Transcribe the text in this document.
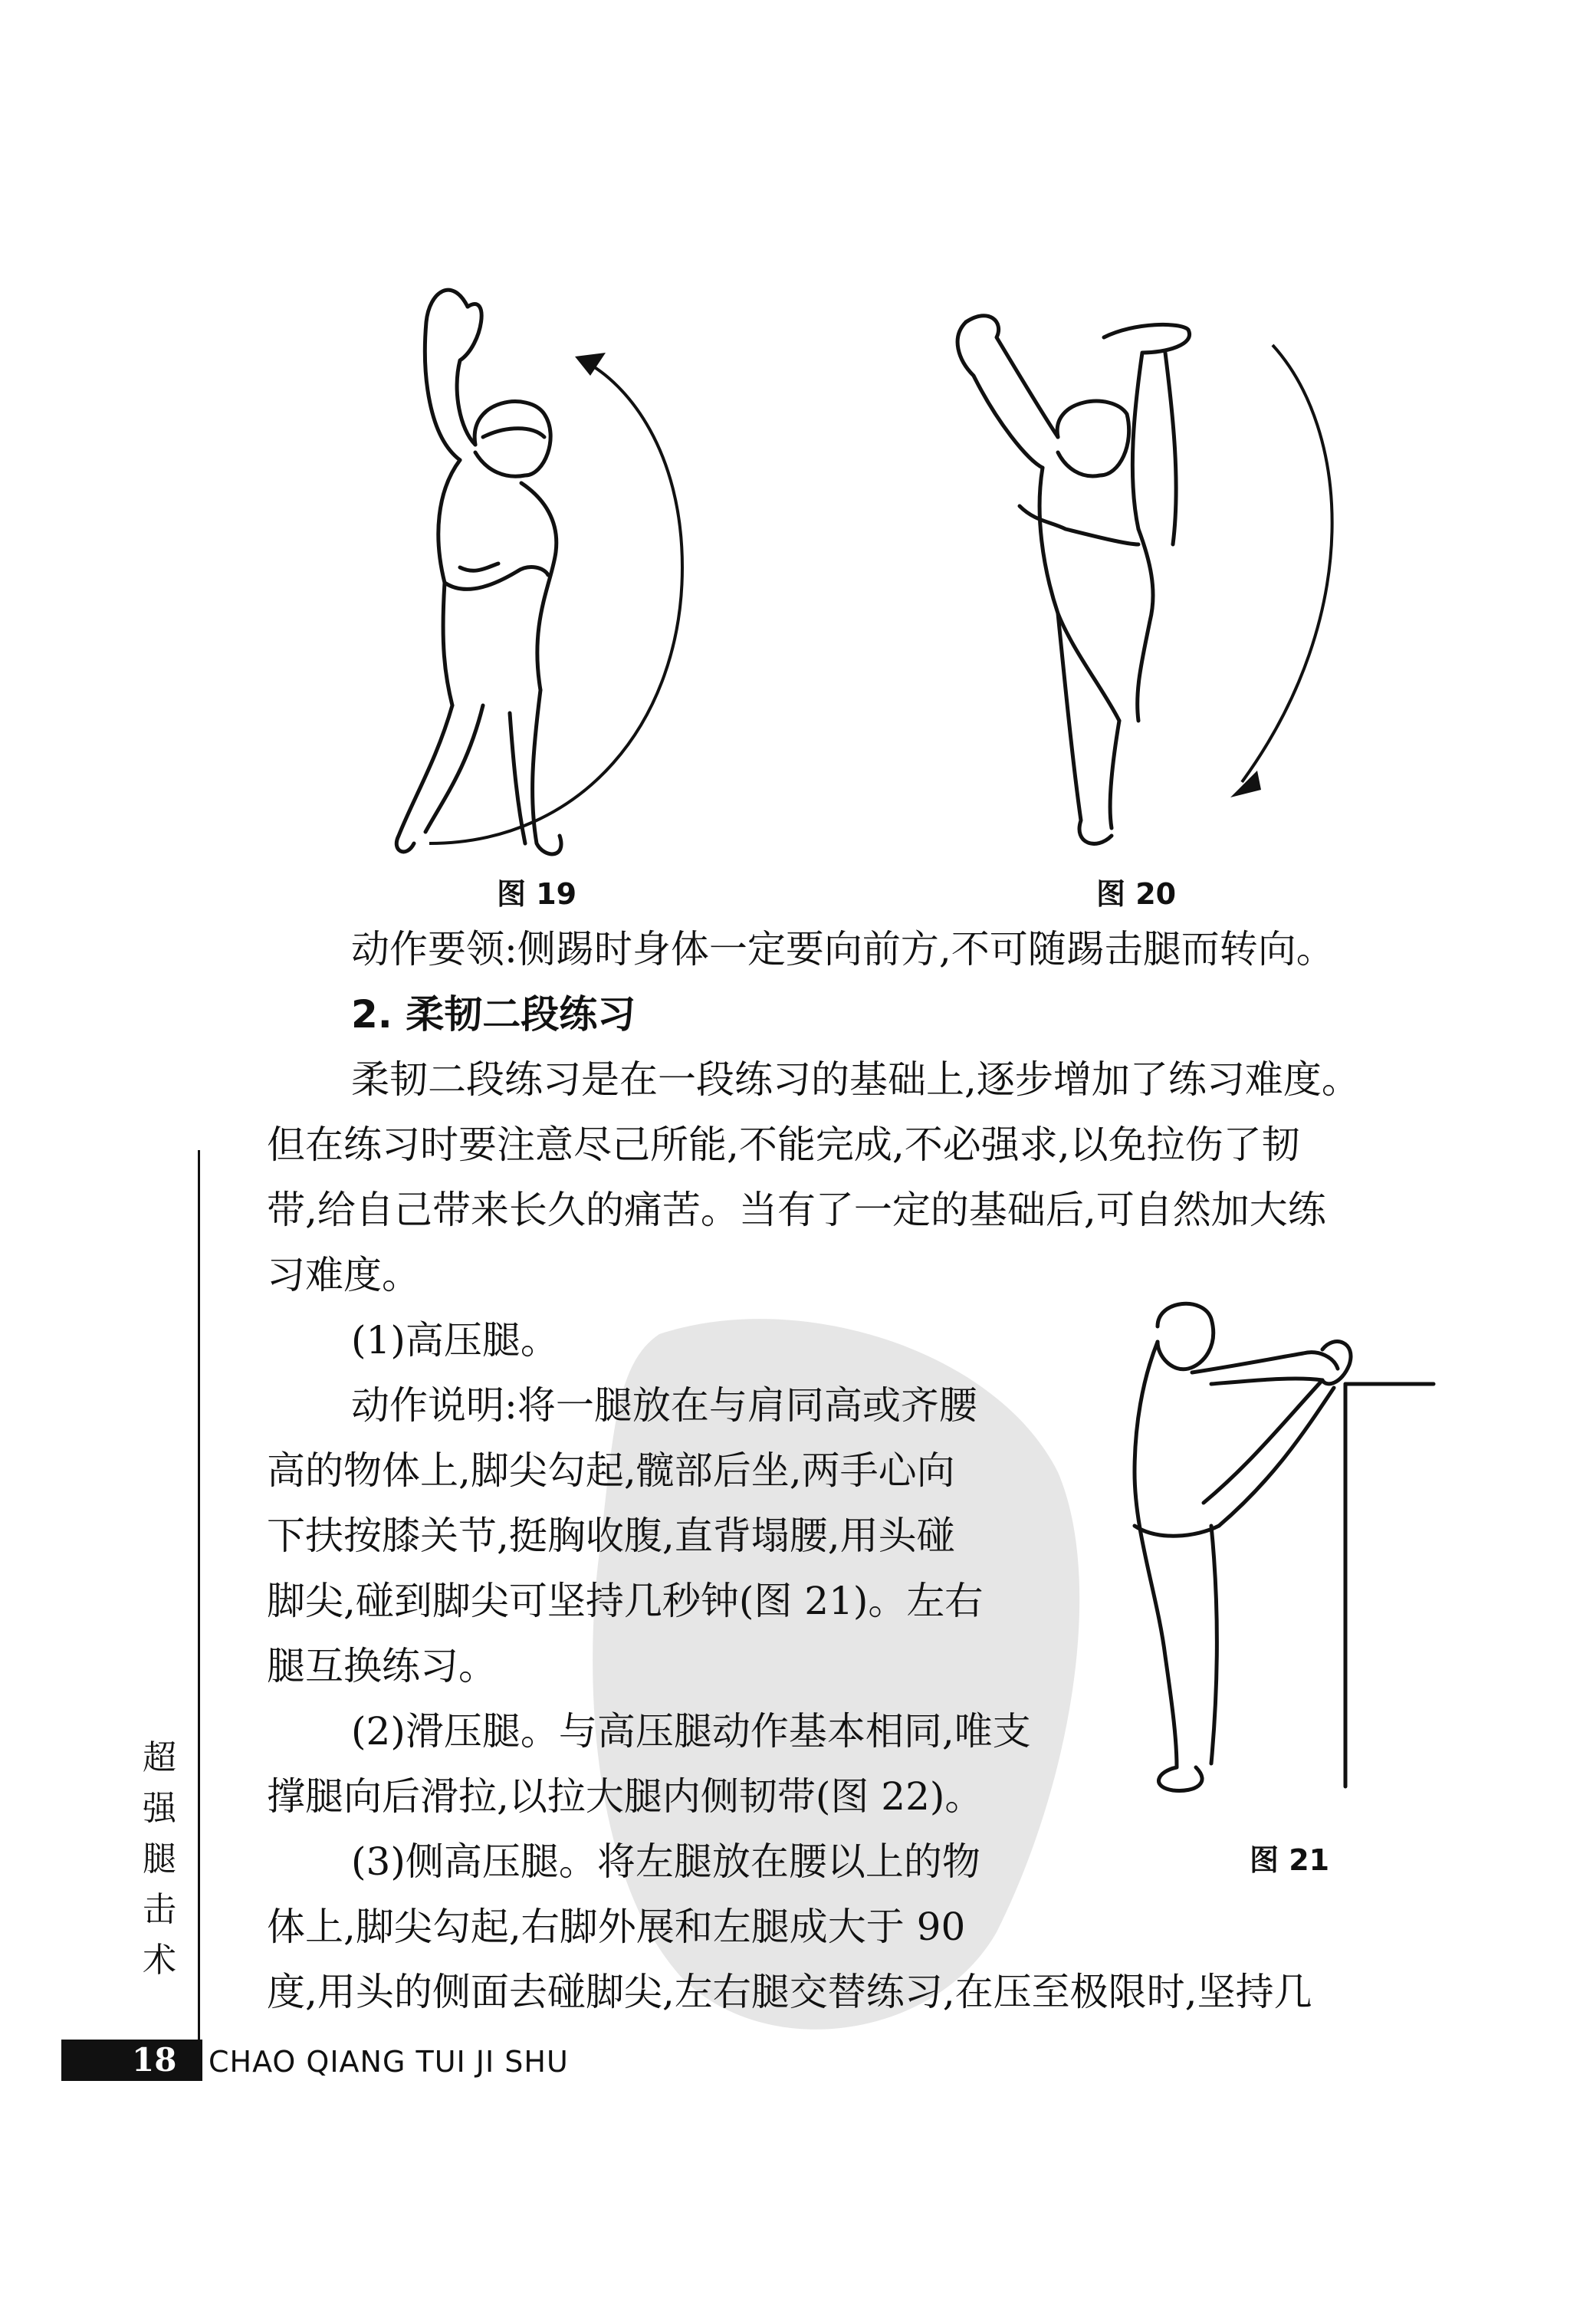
图 19	图 20
动作要领:侧踢时身体一定要向前方,不可随踢击腿而转向。
2. 柔韧二段练习
柔韧二段练习是在一段练习的基础上,逐步增加了练习难度。
但在练习时要注意尽己所能,不能完成,不必强求,以免拉伤了韧
带,给自己带来长久的痛苦。当有了一定的基础后,可自然加大练
习难度。
(1)高压腿。
动作说明:将一腿放在与肩同高或齐腰
高的物体上,脚尖勾起,髋部后坐,两手心向
下扶按膝关节,挺胸收腹,直背塌腰,用头碰
脚尖,碰到脚尖可坚持几秒钟(图 21)。左右
腿互换练习。
(2)滑压腿。与高压腿动作基本相同,唯支
撑腿向后滑拉,以拉大腿内侧韧带(图 22)。
(3)侧高压腿。将左腿放在腰以上的物
体上,脚尖勾起,右脚外展和左腿成大于 90
度,用头的侧面去碰脚尖,左右腿交替练习,在压至极限时,坚持几
图 21
超
强
腿
击
术
18 CHAO QIANG TUI JI SHU
